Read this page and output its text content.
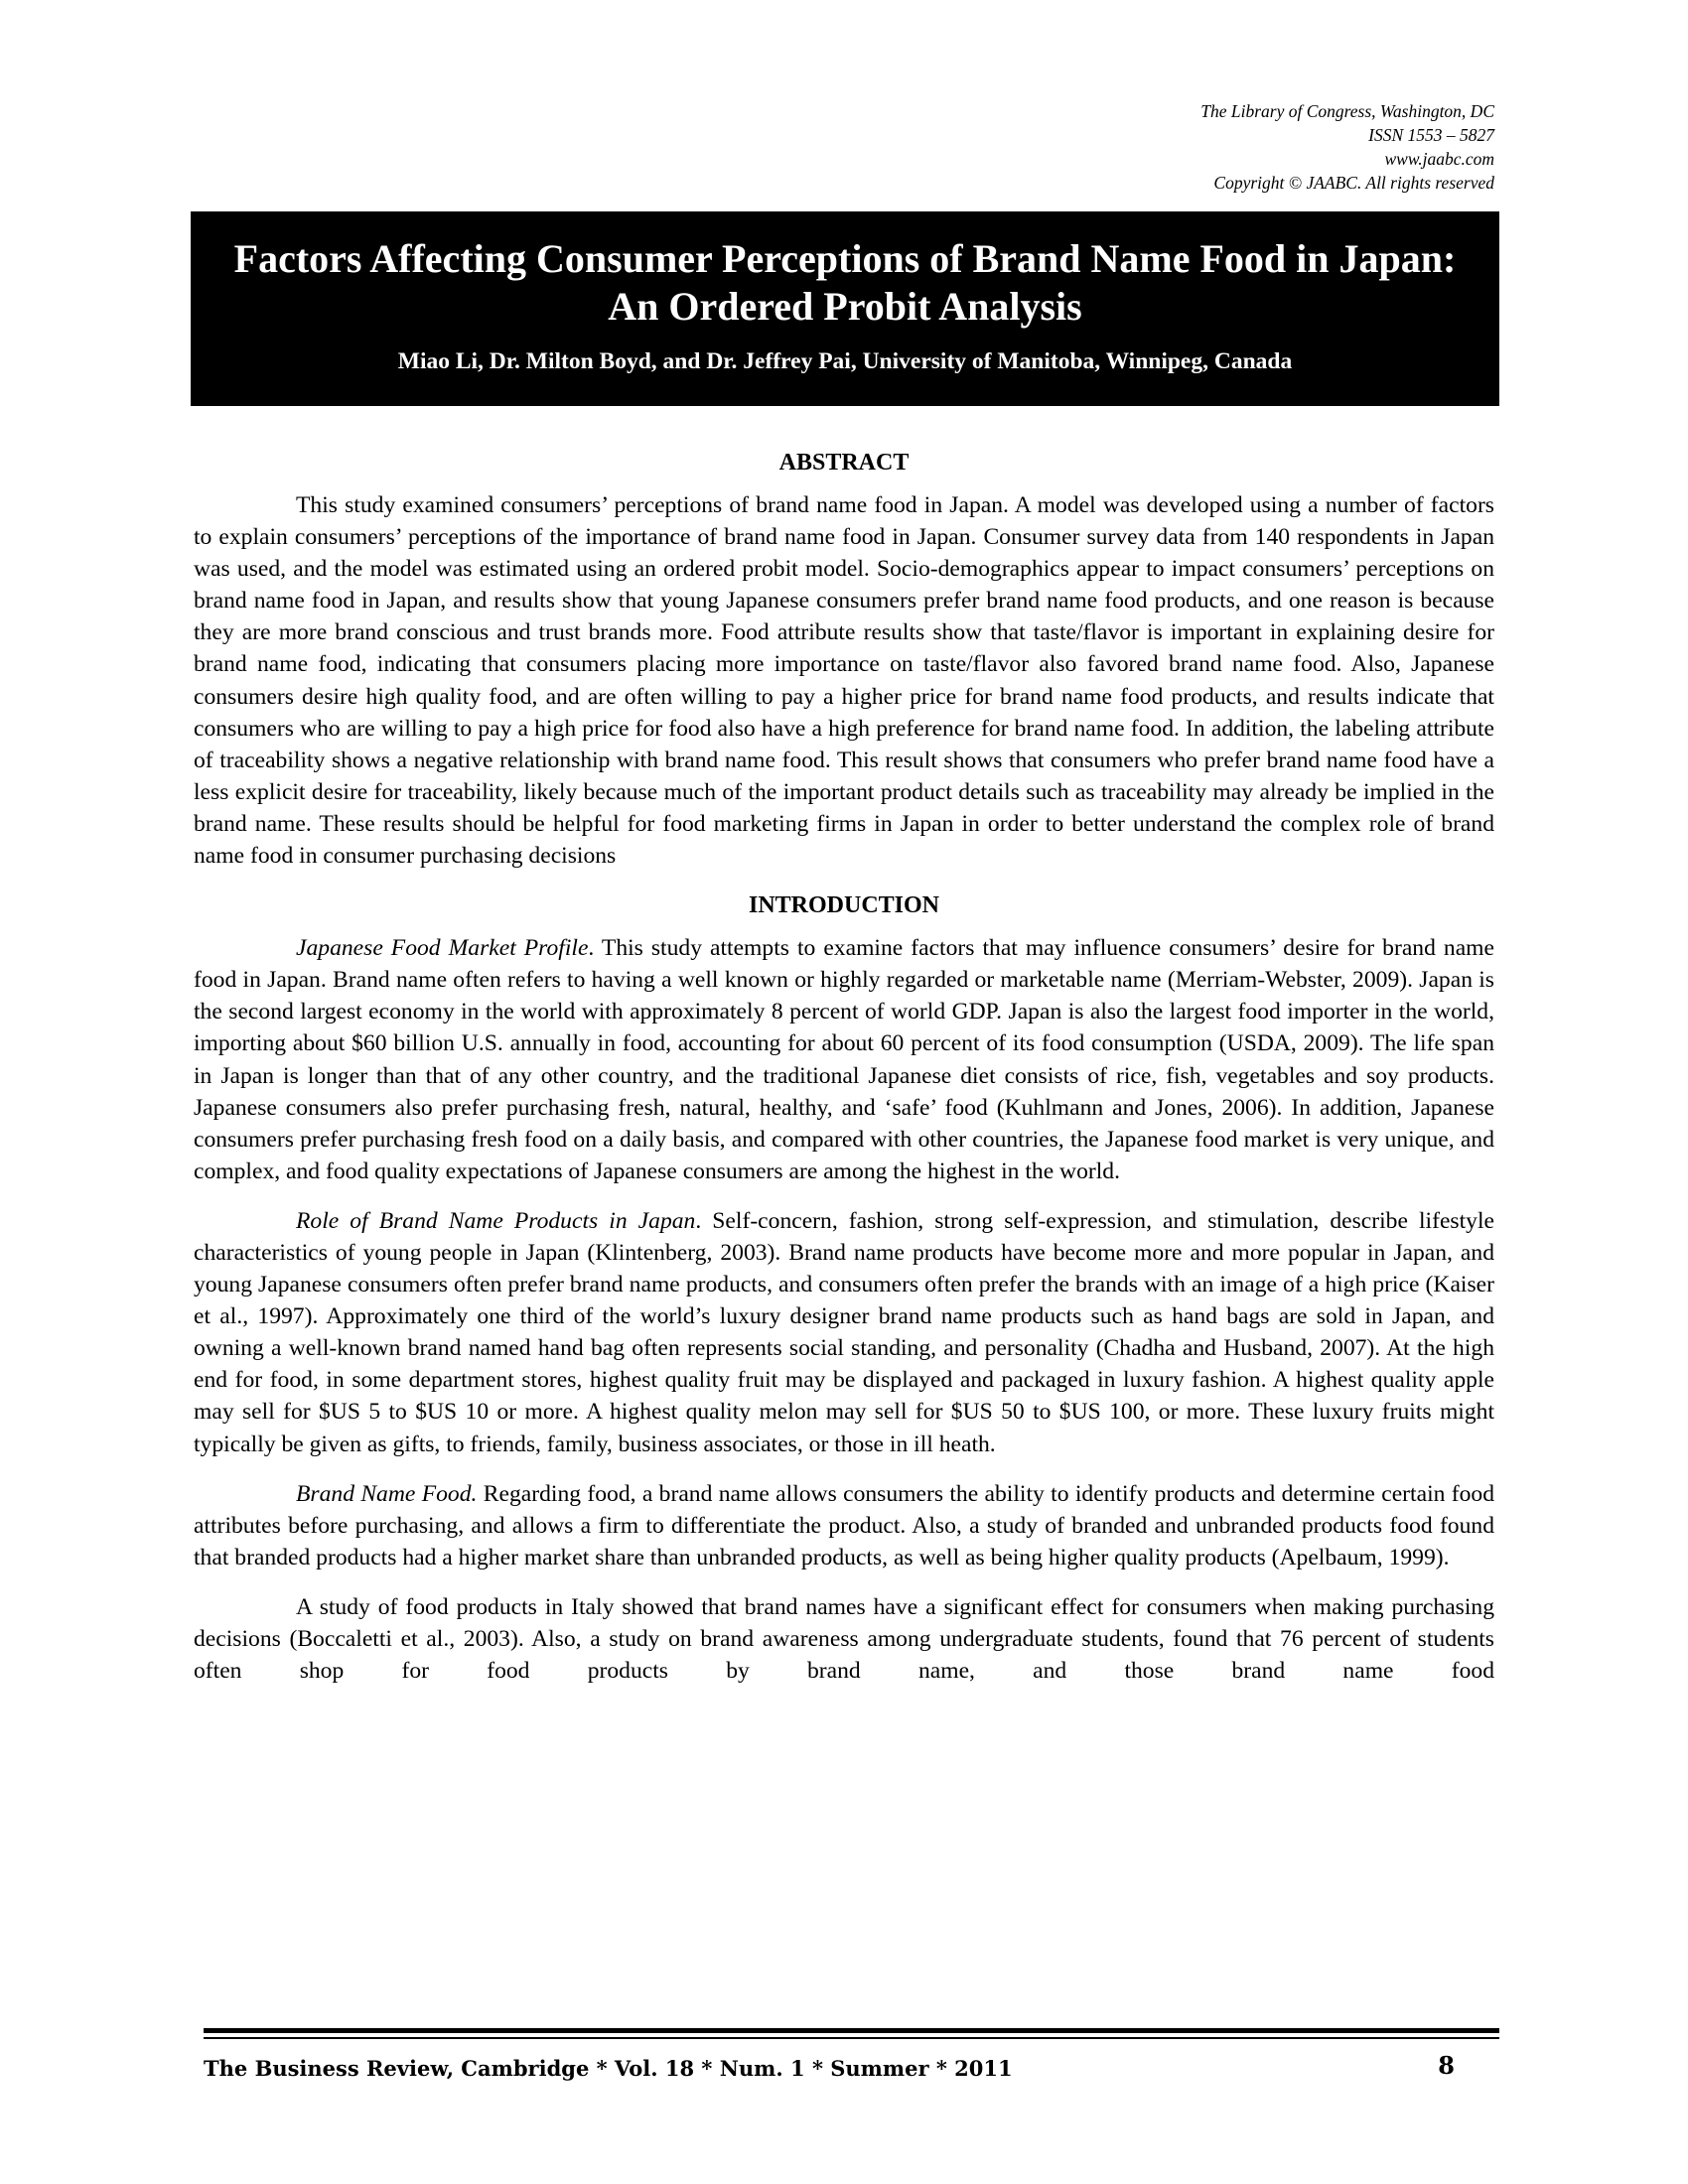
The Library of Congress, Washington, DC
ISSN 1553 – 5827
www.jaabc.com
Copyright © JAABC. All rights reserved
Factors Affecting Consumer Perceptions of Brand Name Food in Japan: An Ordered Probit Analysis
Miao Li, Dr. Milton Boyd, and Dr. Jeffrey Pai, University of Manitoba, Winnipeg, Canada
ABSTRACT

This study examined consumers’ perceptions of brand name food in Japan. A model was developed using a number of factors to explain consumers’ perceptions of the importance of brand name food in Japan. Consumer survey data from 140 respondents in Japan was used, and the model was estimated using an ordered probit model. Socio-demographics appear to impact consumers’ perceptions on brand name food in Japan, and results show that young Japanese consumers prefer brand name food products, and one reason is because they are more brand conscious and trust brands more. Food attribute results show that taste/flavor is important in explaining desire for brand name food, indicating that consumers placing more importance on taste/flavor also favored brand name food. Also, Japanese consumers desire high quality food, and are often willing to pay a higher price for brand name food products, and results indicate that consumers who are willing to pay a high price for food also have a high preference for brand name food. In addition, the labeling attribute of traceability shows a negative relationship with brand name food. This result shows that consumers who prefer brand name food have a less explicit desire for traceability, likely because much of the important product details such as traceability may already be implied in the brand name. These results should be helpful for food marketing firms in Japan in order to better understand the complex role of brand name food in consumer purchasing decisions

INTRODUCTION

Japanese Food Market Profile. This study attempts to examine factors that may influence consumers’ desire for brand name food in Japan. Brand name often refers to having a well known or highly regarded or marketable name (Merriam-Webster, 2009). Japan is the second largest economy in the world with approximately 8 percent of world GDP. Japan is also the largest food importer in the world, importing about $60 billion U.S. annually in food, accounting for about 60 percent of its food consumption (USDA, 2009). The life span in Japan is longer than that of any other country, and the traditional Japanese diet consists of rice, fish, vegetables and soy products. Japanese consumers also prefer purchasing fresh, natural, healthy, and ‘safe’ food (Kuhlmann and Jones, 2006). In addition, Japanese consumers prefer purchasing fresh food on a daily basis, and compared with other countries, the Japanese food market is very unique, and complex, and food quality expectations of Japanese consumers are among the highest in the world.

Role of Brand Name Products in Japan. Self-concern, fashion, strong self-expression, and stimulation, describe lifestyle characteristics of young people in Japan (Klintenberg, 2003). Brand name products have become more and more popular in Japan, and young Japanese consumers often prefer brand name products, and consumers often prefer the brands with an image of a high price (Kaiser et al., 1997). Approximately one third of the world’s luxury designer brand name products such as hand bags are sold in Japan, and owning a well-known brand named hand bag often represents social standing, and personality (Chadha and Husband, 2007). At the high end for food, in some department stores, highest quality fruit may be displayed and packaged in luxury fashion. A highest quality apple may sell for $US 5 to $US 10 or more. A highest quality melon may sell for $US 50 to $US 100, or more. These luxury fruits might typically be given as gifts, to friends, family, business associates, or those in ill heath.

Brand Name Food. Regarding food, a brand name allows consumers the ability to identify products and determine certain food attributes before purchasing, and allows a firm to differentiate the product. Also, a study of branded and unbranded products food found that branded products had a higher market share than unbranded products, as well as being higher quality products (Apelbaum, 1999).

A study of food products in Italy showed that brand names have a significant effect for consumers when making purchasing decisions (Boccaletti et al., 2003). Also, a study on brand awareness among undergraduate students, found that 76 percent of students often shop for food products by brand name, and those brand name food

The Business Review, Cambridge * Vol. 18 * Num. 1 * Summer * 2011	8
